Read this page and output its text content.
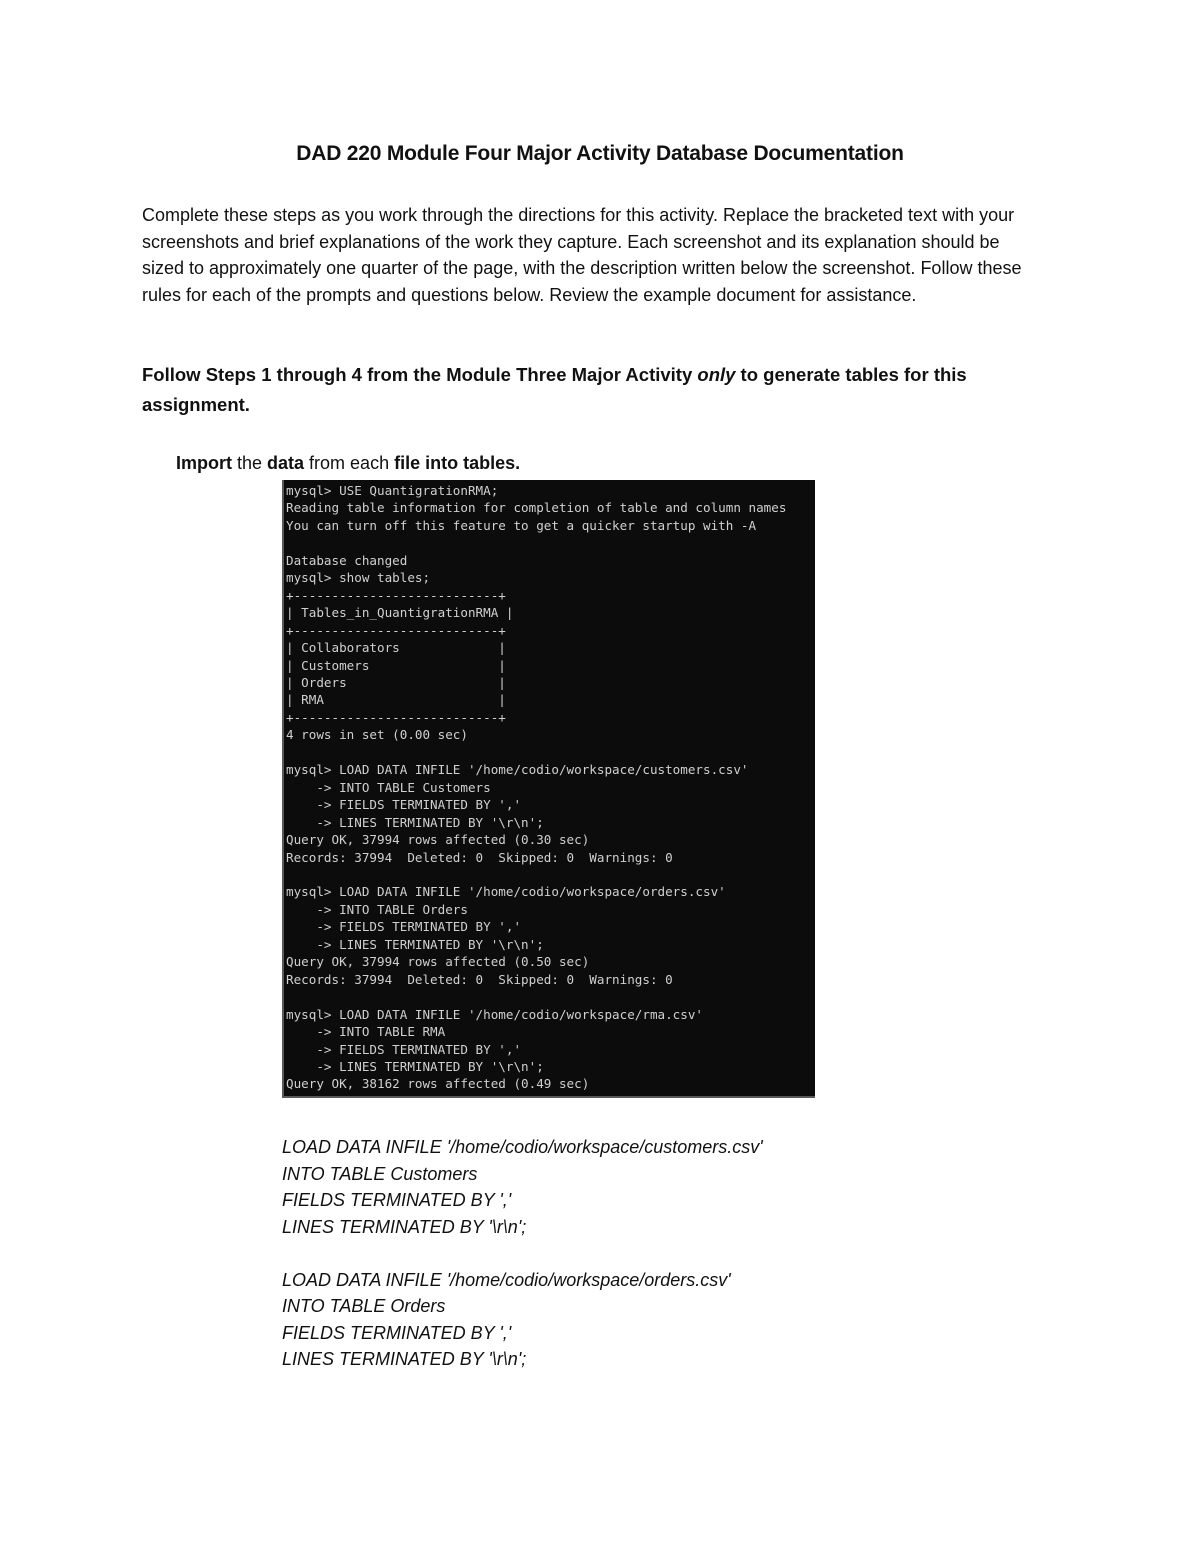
DAD 220 Module Four Major Activity Database Documentation

Complete these steps as you work through the directions for this activity. Replace the bracketed text with your screenshots and brief explanations of the work they capture. Each screenshot and its explanation should be sized to approximately one quarter of the page, with the description written below the screenshot. Follow these rules for each of the prompts and questions below. Review the example document for assistance.

Follow Steps 1 through 4 from the Module Three Major Activity only to generate tables for this assignment.
Import the data from each file into tables.
mysql> USE QuantigrationRMA;
Reading table information for completion of table and column names
You can turn off this feature to get a quicker startup with -A

Database changed
mysql> show tables;
+---------------------------+
| Tables_in_QuantigrationRMA |
+---------------------------+
| Collaborators             |
| Customers                 |
| Orders                    |
| RMA                       |
+---------------------------+
4 rows in set (0.00 sec)

mysql> LOAD DATA INFILE '/home/codio/workspace/customers.csv'
-> INTO TABLE Customers
-> FIELDS TERMINATED BY ','
-> LINES TERMINATED BY '\r\n';
Query OK, 37994 rows affected (0.30 sec)
Records: 37994  Deleted: 0  Skipped: 0  Warnings: 0

mysql> LOAD DATA INFILE '/home/codio/workspace/orders.csv'
-> INTO TABLE Orders
-> FIELDS TERMINATED BY ','
-> LINES TERMINATED BY '\r\n';
Query OK, 37994 rows affected (0.50 sec)
Records: 37994  Deleted: 0  Skipped: 0  Warnings: 0

mysql> LOAD DATA INFILE '/home/codio/workspace/rma.csv'
-> INTO TABLE RMA
-> FIELDS TERMINATED BY ','
-> LINES TERMINATED BY '\r\n';
Query OK, 38162 rows affected (0.49 sec)

LOAD DATA INFILE '/home/codio/workspace/customers.csv'
INTO TABLE Customers
FIELDS TERMINATED BY ','
LINES TERMINATED BY '\r\n';
LOAD DATA INFILE '/home/codio/workspace/orders.csv'
INTO TABLE Orders
FIELDS TERMINATED BY ','
LINES TERMINATED BY '\r\n';
